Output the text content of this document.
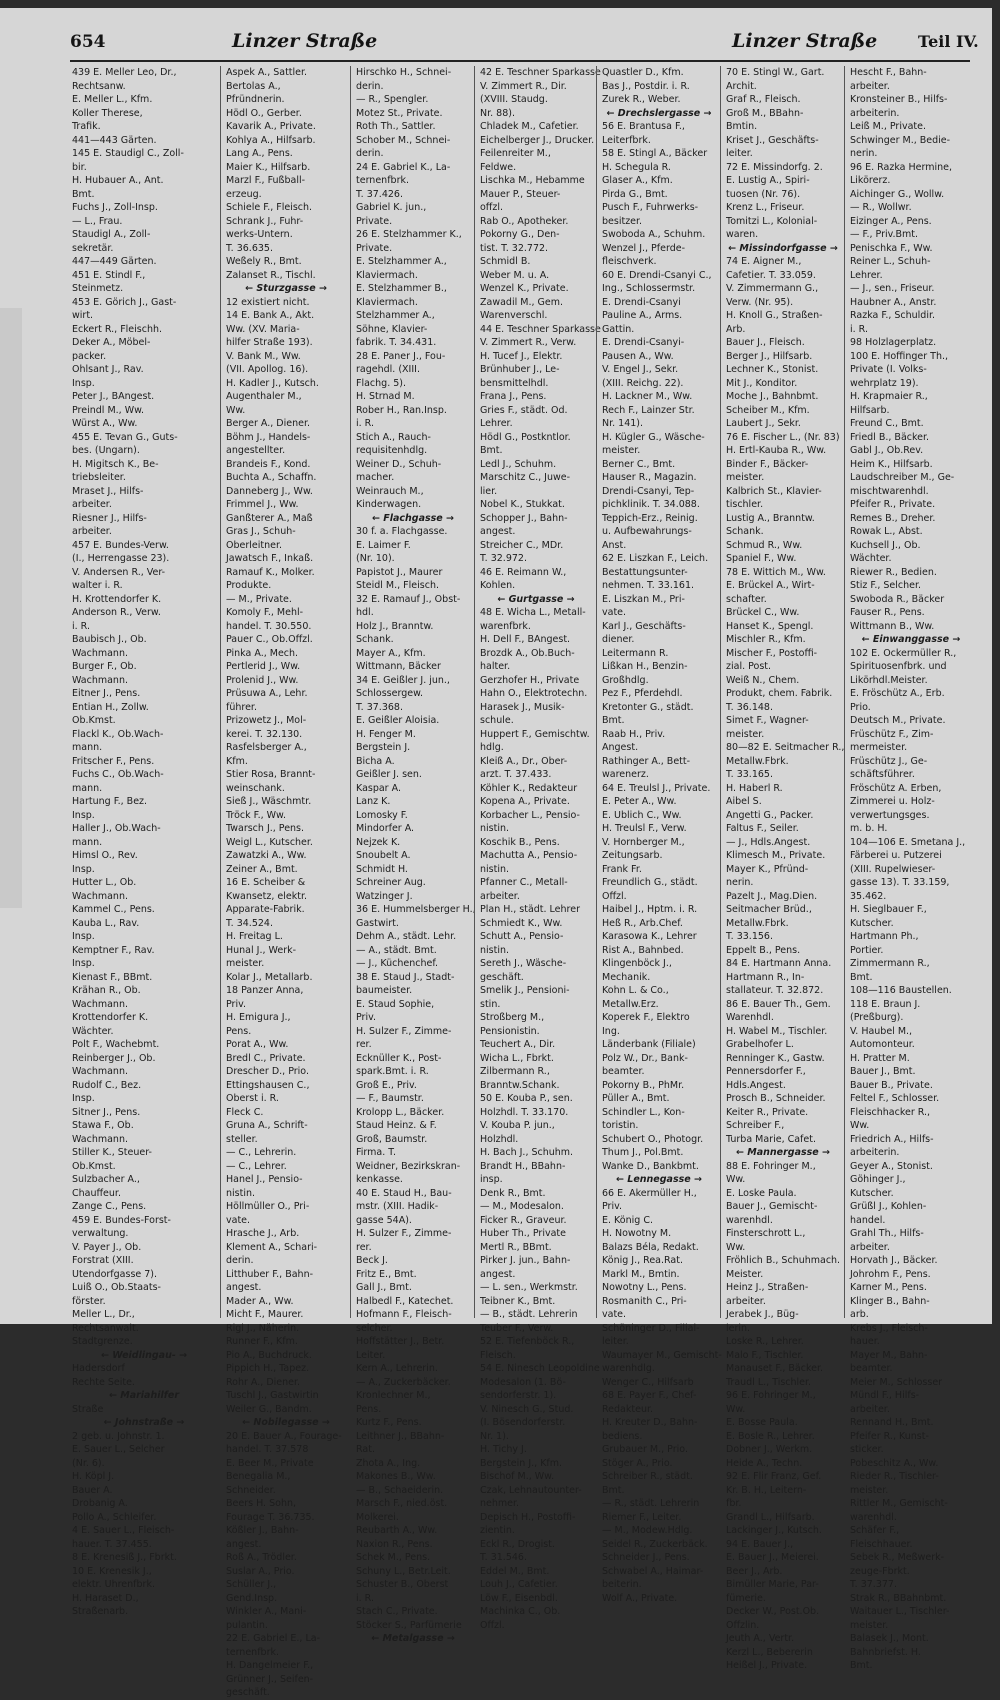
654	Linzer Straße	Linzer Straße	Teil IV.
439 E. Meller Leo, Dr.,
Rechtsanw.
E. Meller L., Kfm.
Koller Therese,
Trafik.
441—443 Gärten.
145 E. Staudigl C., Zoll-
bir.
H. Hubauer A., Ant.
Bmt.
Fuchs J., Zoll-Insp.
— L., Frau.
Staudigl A., Zoll-
sekretär.
447—449 Gärten.
451 E. Stindl F.,
Steinmetz.
453 E. Görich J., Gast-
wirt.
Eckert R., Fleischh.
Deker A., Möbel-
packer.
Ohlsant J., Rav.
Insp.
Peter J., BAngest.
Preindl M., Ww.
Würst A., Ww.
455 E. Tevan G., Guts-
bes. (Ungarn).
H. Migitsch K., Be-
triebsleiter.
Mraset J., Hilfs-
arbeiter.
Riesner J., Hilfs-
arbeiter.
457 E. Bundes-Verw.
(I., Herrengasse 23).
V. Andersen R., Ver-
walter i. R.
H. Krottendorfer K.
Anderson R., Verw.
i. R.
Baubisch J., Ob.
Wachmann.
Burger F., Ob.
Wachmann.
Eitner J., Pens.
Entian H., Zollw.
Ob.Kmst.
Flackl K., Ob.Wach-
mann.
Fritscher F., Pens.
Fuchs C., Ob.Wach-
mann.
Hartung F., Bez.
Insp.
Haller J., Ob.Wach-
mann.
Himsl O., Rev.
Insp.
Hutter L., Ob.
Wachmann.
Kammel C., Pens.
Kauba L., Rav.
Insp.
Kemptner F., Rav.
Insp.
Kienast F., BBmt.
Krähan R., Ob.
Wachmann.
Krottendorfer K.
Wächter.
Polt F., Wachebmt.
Reinberger J., Ob.
Wachmann.
Rudolf C., Bez.
Insp.
Sitner J., Pens.
Stawa F., Ob.
Wachmann.
Stiller K., Steuer-
Ob.Kmst.
Sulzbacher A.,
Chauffeur.
Zange C., Pens.
459 E. Bundes-Forst-
verwaltung.
V. Payer J., Ob.
Forstrat (XIII.
Utendorfgasse 7).
Luiß O., Ob.Staats-
förster.
Meller L., Dr.,
Rechtsanwalt.
Stadtgrenze.
← Weidlingau- →
Hadersdorf
Rechte Seite.
← Mariahilfer
Straße
← Johnstraße →
2 geb. u. Johnstr. 1.
E. Sauer L., Selcher
(Nr. 6).
H. Köpl J.
Bauer A.
Drobanig A.
Pollo A., Schleifer.
4 E. Sauer L., Fleisch-
hauer. T. 37.455.
8 E. Krenesiß J., Fbrkt.
10 E. Krenesik J.,
elektr. Uhrenfbrk.
H. Haraset D.,
Straßenarb.
Aspek A., Sattler.
Bertolas A.,
Pfründnerin.
Hödl O., Gerber.
Kavarik A., Private.
Kohlya A., Hilfsarb.
Lang A., Pens.
Maier K., Hilfsarb.
Marzl F., Fußball-
erzeug.
Schiele F., Fleisch.
Schrank J., Fuhr-
werks-Untern.
T. 36.635.
Weßely R., Bmt.
Zalanset R., Tischl.
← Sturzgasse →
12 existiert nicht.
14 E. Bank A., Akt.
Ww. (XV. Maria-
hilfer Straße 193).
V. Bank M., Ww.
(VII. Apollog. 16).
H. Kadler J., Kutsch.
Augenthaler M.,
Ww.
Berger A., Diener.
Böhm J., Handels-
angestellter.
Brandeis F., Kond.
Buchta A., Schaffn.
Danneberg J., Ww.
Frimmel J., Ww.
Ganßterer A., Maß
Gras J., Schuh-
Oberleitner.
Jawatsch F., Inkaß.
Ramauf K., Molker.
Produkte.
— M., Private.
Komoly F., Mehl-
handel. T. 30.550.
Pauer C., Ob.Offzl.
Pinka A., Mech.
Pertlerid J., Ww.
Prolenid J., Ww.
Prüsuwa A., Lehr.
führer.
Prizowetz J., Mol-
kerei. T. 32.130.
Rasfelsberger A.,
Kfm.
Stier Rosa, Brannt-
weinschank.
Sieß J., Wäschmtr.
Tröck F., Ww.
Twarsch J., Pens.
Weigl L., Kutscher.
Zawatzki A., Ww.
Zeiner A., Bmt.
16 E. Scheiber &
Kwansetz, elektr.
Apparate-Fabrik.
T. 34.524.
H. Freitag L.
Hunal J., Werk-
meister.
Kolar J., Metallarb.
18 Panzer Anna,
Priv.
H. Emigura J.,
Pens.
Porat A., Ww.
Bredl C., Private.
Drescher D., Prio.
Ettingshausen C.,
Oberst i. R.
Fleck C.
Gruna A., Schrift-
steller.
— C., Lehrerin.
— C., Lehrer.
Hanel J., Pensio-
nistin.
Höllmüller O., Pri-
vate.
Hrasche J., Arb.
Klement A., Schari-
derin.
Litthuber F., Bahn-
angest.
Mader A., Ww.
Micht F., Maurer.
Rigl J., Näherin.
Runner F., Kfm.
Pio A., Buchdruck.
Pippich H., Tapez.
Rohr A., Diener.
Tuschl J., Gastwirtin
Weiler G., Bandm.
← Nobilegasse →
20 E. Bauer A., Fourage-
handel. T. 37.578
E. Beer M., Private
Benegalia M.,
Schneider.
Beers H. Sohn,
Fourage T. 36.735.
Kößler J., Bahn-
angest.
Roß A., Trödler.
Suslar A., Prio.
Schüller J.,
Gend.Insp.
Winkler A., Mani-
pulantin.
22 E. Gabriel E., La-
ternenfbrk.
H. Dangelmeier F.,
Grünner J., Seifen-
geschäft.
Hirschko H., Schnei-
derin.
— R., Spengler.
Motez St., Private.
Roth Th., Sattler.
Schober M., Schnei-
derin.
24 E. Gabriel K., La-
ternenfbrk.
T. 37.426.
Gabriel K. jun.,
Private.
26 E. Stelzhammer K.,
Private.
E. Stelzhammer A.,
Klaviermach.
E. Stelzhammer B.,
Klaviermach.
Stelzhammer A.,
Söhne, Klavier-
fabrik. T. 34.431.
28 E. Paner J., Fou-
ragehdl. (XIII.
Flachg. 5).
H. Strnad M.
Rober H., Ran.Insp.
i. R.
Stich A., Rauch-
requisitenhdlg.
Weiner D., Schuh-
macher.
Weinrauch M.,
Kinderwagen.
← Flachgasse →
30 f. a. Flachgasse.
E. Laimer F.
(Nr. 10).
Papistot J., Maurer
Steidl M., Fleisch.
32 E. Ramauf J., Obst-
hdl.
Holz J., Branntw.
Schank.
Mayer A., Kfm.
Wittmann, Bäcker
34 E. Geißler J. jun.,
Schlossergew.
T. 37.368.
E. Geißler Aloisia.
H. Fenger M.
Bergstein J.
Bicha A.
Geißler J. sen.
Kaspar A.
Lanz K.
Lomosky F.
Mindorfer A.
Nejzek K.
Snoubelt A.
Schmidt H.
Schreiner Aug.
Watzinger J.
36 E. Hummelsberger H.,
Gastwirt.
Dehm A., städt. Lehr.
— A., städt. Bmt.
— J., Küchenchef.
38 E. Staud J., Stadt-
baumeister.
E. Staud Sophie,
Priv.
H. Sulzer F., Zimme-
rer.
Ecknüller K., Post-
spark.Bmt. i. R.
Groß E., Priv.
— F., Baumstr.
Krolopp L., Bäcker.
Staud Heinz. & F.
Groß, Baumstr.
Firma. T.
Weidner, Bezirkskran-
kenkasse.
40 E. Staud H., Bau-
mstr. (XIII. Hadik-
gasse 54A).
H. Sulzer F., Zimme-
rer.
Beck J.
Fritz E., Bmt.
Gall J., Bmt.
Halbedl F., Katechet.
Hofmann F., Fleisch-
selcher.
Hoffstätter J., Betr.
Leiter.
Kern A., Lehrerin.
— A., Zuckerbäcker.
Kronlechner M.,
Pens.
Kurtz F., Pens.
Leithner J., BBahn-
Rat.
Zhota A., Ing.
Makones B., Ww.
— B., Schaeiderin.
Marsch F., nied.öst.
Molkerei.
Reubarth A., Ww.
Naxion R., Pens.
Schek M., Pens.
Schuny L., Betr.Leit.
Schuster B., Oberst
i. R.
Stach C., Private.
Stöcker S., Parfümerie
← Metalgasse →
42 E. Teschner Sparkasse
V. Zimmert R., Dir.
(XVIII. Staudg.
Nr. 88).
Chladek M., Cafetier.
Eichelberger J., Drucker.
Feilenreiter M.,
Feldwe.
Lischka M., Hebamme
Mauer P., Steuer-
offzl.
Rab O., Apotheker.
Pokorny G., Den-
tist. T. 32.772.
Schmidl B.
Weber M. u. A.
Wenzel K., Private.
Zawadil M., Gem.
Warenverschl.
44 E. Teschner Sparkasse
V. Zimmert R., Verw.
H. Tucef J., Elektr.
Brünhuber J., Le-
bensmittelhdl.
Frana J., Pens.
Gries F., städt. Od.
Lehrer.
Hödl G., Postkntlor.
Bmt.
Ledl J., Schuhm.
Marschitz C., Juwe-
lier.
Nobel K., Stukkat.
Schopper J., Bahn-
angest.
Streicher C., MDr.
T. 32.972.
46 E. Reimann W.,
Kohlen.
← Gurtgasse →
48 E. Wicha L., Metall-
warenfbrk.
H. Dell F., BAngest.
Brozdk A., Ob.Buch-
halter.
Gerzhofer H., Private
Hahn O., Elektrotechn.
Harasek J., Musik-
schule.
Huppert F., Gemischtw.
hdlg.
Kleiß A., Dr., Ober-
arzt. T. 37.433.
Köhler K., Redakteur
Kopena A., Private.
Korbacher L., Pensio-
nistin.
Koschik B., Pens.
Machutta A., Pensio-
nistin.
Pfanner C., Metall-
arbeiter.
Plan H., städt. Lehrer
Schmiedt K., Ww.
Schutt A., Pensio-
nistin.
Sereth J., Wäsche-
geschäft.
Smelik J., Pensioni-
stin.
Stroßberg M.,
Pensionistin.
Teuchert A., Dir.
Wicha L., Fbrkt.
Zilbermann R.,
Branntw.Schank.
50 E. Kouba P., sen.
Holzhdl. T. 33.170.
V. Kouba P. jun.,
Holzhdl.
H. Bach J., Schuhm.
Brandt H., BBahn-
insp.
Denk R., Bmt.
— M., Modesalon.
Ficker R., Graveur.
Huber Th., Private
Mertl R., BBmt.
Pirker J. jun., Bahn-
angest.
— L. sen., Werkmstr.
Teibner K., Bmt.
— B., städt. Lehrerin
Teuber F., Verw.
52 E. Tiefenböck R.,
Fleisch.
54 E. Ninesch Leopoldine
Modesalon (1. Bö-
sendorferstr. 1).
V. Ninesch G., Stud.
(I. Bösendorferstr.
Nr. 1).
H. Tichy J.
Bergstein J., Kfm.
Bischof M., Ww.
Czak, Lehnautounter-
nehmer.
Depisch H., Postoffi-
zientin.
Eckl R., Drogist.
T. 31.546.
Eddel M., Bmt.
Louh J., Cafetier.
Löw F., Eisenbdl.
Machinka C., Ob.
Offzl.
Quastler D., Kfm.
Bas J., Postdir. i. R.
Zurek R., Weber.
← Drechslergasse →
56 E. Brantusa F.,
Leiterfbrk.
58 E. Stingl A., Bäcker
H. Schegula R.
Glaser A., Kfm.
Pirda G., Bmt.
Pusch F., Fuhrwerks-
besitzer.
Swoboda A., Schuhm.
Wenzel J., Pferde-
fleischverk.
60 E. Drendi-Csanyi C.,
Ing., Schlossermstr.
E. Drendi-Csanyi
Pauline A., Arms.
Gattin.
E. Drendi-Csanyi-
Pausen A., Ww.
V. Engel J., Sekr.
(XIII. Reichg. 22).
H. Lackner M., Ww.
Rech F., Lainzer Str.
Nr. 141).
H. Kügler G., Wäsche-
meister.
Berner C., Bmt.
Hauser R., Magazin.
Drendi-Csanyi, Tep-
pichklinik. T. 34.088.
Teppich-Erz., Reinig.
u. Aufbewahrungs-
Anst.
62 E. Liszkan F., Leich.
Bestattungsunter-
nehmen. T. 33.161.
E. Liszkan M., Pri-
vate.
Karl J., Geschäfts-
diener.
Leitermann R.
Lißkan H., Benzin-
Großhdlg.
Pez F., Pferdehdl.
Kretonter G., städt.
Bmt.
Raab H., Priv.
Angest.
Rathinger A., Bett-
warenerz.
64 E. Treulsl J., Private.
E. Peter A., Ww.
E. Ublich C., Ww.
H. Treulsl F., Verw.
V. Hornberger M.,
Zeitungsarb.
Frank Fr.
Freundlich G., städt.
Offzl.
Haibel J., Hptm. i. R.
Heß R., Arb.Chef.
Karasowa K., Lehrer
Rist A., Bahnbed.
Klingenböck J.,
Mechanik.
Kohn L. & Co.,
Metallw.Erz.
Koperek F., Elektro
Ing.
Länderbank (Filiale)
Polz W., Dr., Bank-
beamter.
Pokorny B., PhMr.
Püller A., Bmt.
Schindler L., Kon-
toristin.
Schubert O., Photogr.
Thum J., Pol.Bmt.
Wanke D., Bankbmt.
← Lennegasse →
66 E. Akermüller H.,
Priv.
E. König C.
H. Nowotny M.
Balazs Béla, Redakt.
König J., Rea.Rat.
Markl M., Bmtin.
Nowotny L., Pens.
Rosmanith C., Pri-
vate.
Schöninger D., Filial-
leiter.
Waumayer M., Gemischt-
warenhdlg.
Wenger C., Hilfsarb
68 E. Payer F., Chef-
Redakteur.
H. Kreuter D., Bahn-
bediens.
Grubauer M., Prio.
Stöger A., Prio.
Schreiber R., städt.
Bmt.
— R., städt. Lehrerin
Riemer F., Leiter.
— M., Modew.Hdlg.
Seidel R., Zuckerbäck.
Schneider J., Pens.
Schwabel A., Haimar-
beiterin.
Wolf A., Private.
70 E. Stingl W., Gart.
Archit.
Graf R., Fleisch.
Groß M., BBahn-
Bmtin.
Kriset J., Geschäfts-
leiter.
72 E. Missindorfg. 2.
E. Lustig A., Spiri-
tuosen (Nr. 76).
Krenz L., Friseur.
Tomitzi L., Kolonial-
waren.
← Missindorfgasse →
74 E. Aigner M.,
Cafetier. T. 33.059.
V. Zimmermann G.,
Verw. (Nr. 95).
H. Knoll G., Straßen-
Arb.
Bauer J., Fleisch.
Berger J., Hilfsarb.
Lechner K., Stonist.
Mit J., Konditor.
Moche J., Bahnbmt.
Scheiber M., Kfm.
Laubert J., Sekr.
76 E. Fischer L., (Nr. 83)
H. Ertl-Kauba R., Ww.
Binder F., Bäcker-
meister.
Kalbrich St., Klavier-
tischler.
Lustig A., Branntw.
Schank.
Schmud R., Ww.
Spaniel F., Ww.
78 E. Wittich M., Ww.
E. Brückel A., Wirt-
schafter.
Brückel C., Ww.
Hanset K., Spengl.
Mischler R., Kfm.
Mischer F., Postoffi-
zial. Post.
Weiß N., Chem.
Produkt, chem. Fabrik.
T. 36.148.
Simet F., Wagner-
meister.
80—82 E. Seitmacher R.,
Metallw.Fbrk.
T. 33.165.
H. Haberl R.
Aibel S.
Angetti G., Packer.
Faltus F., Seiler.
— J., Hdls.Angest.
Klimesch M., Private.
Mayer K., Pfründ-
nerin.
Pazelt J., Mag.Dien.
Seitmacher Brüd.,
Metallw.Fbrk.
T. 33.156.
Eppelt B., Pens.
84 E. Hartmann Anna.
Hartmann R., In-
stallateur. T. 32.872.
86 E. Bauer Th., Gem.
Warenhdl.
H. Wabel M., Tischler.
Grabelhofer L.
Renninger K., Gastw.
Pennersdorfer F.,
Hdls.Angest.
Prosch B., Schneider.
Keiter R., Private.
Schreiber F.,
Turba Marie, Cafet.
← Mannergasse →
88 E. Fohringer M.,
Ww.
E. Loske Paula.
Bauer J., Gemischt-
warenhdl.
Finsterschrott L.,
Ww.
Fröhlich B., Schuhmach.
Meister.
Heinz J., Straßen-
arbeiter.
Jerabek J., Büg-
lerin.
Loske R., Lehrer.
Malo F., Tischler.
Manauset F., Bäcker.
Traudl L., Tischler.
96 E. Fohringer M.,
Ww.
E. Bosse Paula.
E. Bosle R., Lehrer.
Dobner J., Werkm.
Heide A., Techn.
92 E. Flir Franz, Gef.
Kr. B. H., Leitern-
fbr.
Grandl L., Hilfsarb.
Lackinger J., Kutsch.
94 E. Bauer J.,
E. Bauer J., Meierei.
Beer J., Arb.
Bimüller Marie, Par-
fümerie.
Decker W., Post.Ob.
Offzlin.
Jeuth A., Vertr.
Kerzl L., Bebererin
Heißel J., Private.
Hescht F., Bahn-
arbeiter.
Kronsteiner B., Hilfs-
arbeiterin.
Leiß M., Private.
Schwinger M., Bedie-
nerin.
96 E. Razka Hermine,
Likörerz.
Aichinger G., Wollw.
— R., Wollwr.
Eizinger A., Pens.
— F., Priv.Bmt.
Penischka F., Ww.
Reiner L., Schuh-
Lehrer.
— J., sen., Friseur.
Haubner A., Anstr.
Razka F., Schuldir.
i. R.
98 Holzlagerplatz.
100 E. Hoffinger Th.,
Private (I. Volks-
wehrplatz 19).
H. Krapmaier R.,
Hilfsarb.
Freund C., Bmt.
Friedl B., Bäcker.
Gabl J., Ob.Rev.
Heim K., Hilfsarb.
Laudschreiber M., Ge-
mischtwarenhdl.
Pfeifer R., Private.
Remes B., Dreher.
Rowak L., Abst.
Kuchsell J., Ob.
Wächter.
Riewer R., Bedien.
Stiz F., Selcher.
Swoboda R., Bäcker
Fauser R., Pens.
Wittmann B., Ww.
← Einwanggasse →
102 E. Ockermüller R.,
Spirituosenfbrk. und
Likörhdl.Meister.
E. Fröschütz A., Erb.
Prio.
Deutsch M., Private.
Früschütz F., Zim-
mermeister.
Früschütz J., Ge-
schäftsführer.
Fröschütz A. Erben,
Zimmerei u. Holz-
verwertungsges.
m. b. H.
104—106 E. Smetana J.,
Färberei u. Putzerei
(XIII. Rupelwieser-
gasse 13). T. 33.159,
35.462.
H. Sieglbauer F.,
Kutscher.
Hartmann Ph.,
Portier.
Zimmermann R.,
Bmt.
108—116 Baustellen.
118 E. Braun J.
(Preßburg).
V. Haubel M.,
Automonteur.
H. Pratter M.
Bauer J., Bmt.
Bauer B., Private.
Feltel F., Schlosser.
Fleischhacker R.,
Ww.
Friedrich A., Hilfs-
arbeiterin.
Geyer A., Stonist.
Göhinger J.,
Kutscher.
Grüßl J., Kohlen-
handel.
Grahl Th., Hilfs-
arbeiter.
Horvath J., Bäcker.
Johrohm F., Pens.
Karner M., Pens.
Klinger B., Bahn-
arb.
Krebs J., Fleisch-
hauer.
Mayer M., Bahn-
beamter.
Meier M., Schlosser
Mündl F., Hilfs-
arbeiter.
Rennand H., Bmt.
Pfeifer R., Kunst-
sticker.
Pobeschitz A., Ww.
Rieder R., Tischler-
meister.
Rittler M., Gemischt-
warenhdl.
Schäfer F.,
Fleischhauer.
Sebek R., Meßwerk-
zeuge-Fbrkt.
T. 37.377.
Strak R., BBahnbmt.
Waitauer L., Tischler-
meister.
Balasek J., Mont.
Bahnbriefst. H.
Bmt.
